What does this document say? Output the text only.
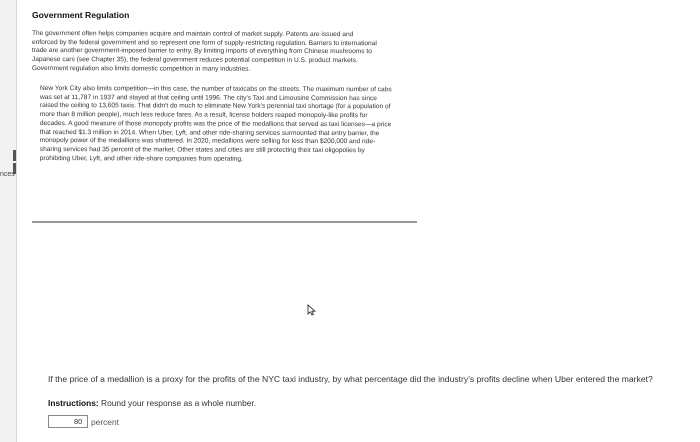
nces
Government Regulation

The government often helps companies acquire and maintain control of market supply. Patents are issued and enforced by the federal government and so represent one form of supply-restricting regulation. Barriers to international trade are another government-imposed barrier to entry. By limiting imports of everything from Chinese mushrooms to Japanese cars (see Chapter 35), the federal government reduces potential competition in U.S. product markets. Government regulation also limits domestic competition in many industries.

New York City also limits competition—in this case, the number of taxicabs on the streets. The maximum number of cabs was set at 11,787 in 1937 and stayed at that ceiling until 1996. The city's Taxi and Limousine Commission has since raised the ceiling to 13,605 taxis. That didn't do much to eliminate New York's perennial taxi shortage (for a population of more than 8 million people), much less reduce fares. As a result, license holders reaped monopoly-like profits for decades. A good measure of those monopoly profits was the price of the medallions that served as taxi licenses—a price that reached $1.3 million in 2014. When Uber, Lyft, and other ride-sharing services surmounted that entry barrier, the monopoly power of the medallions was shattered. In 2020, medallions were selling for less than $200,000 and ride-sharing services had 35 percent of the market. Other states and cities are still protecting their taxi oligopolies by prohibiting Uber, Lyft, and other ride-share companies from operating.

If the price of a medallion is a proxy for the profits of the NYC taxi industry, by what percentage did the industry's profits decline when Uber entered the market?

Instructions: Round your response as a whole number.

80
percent
